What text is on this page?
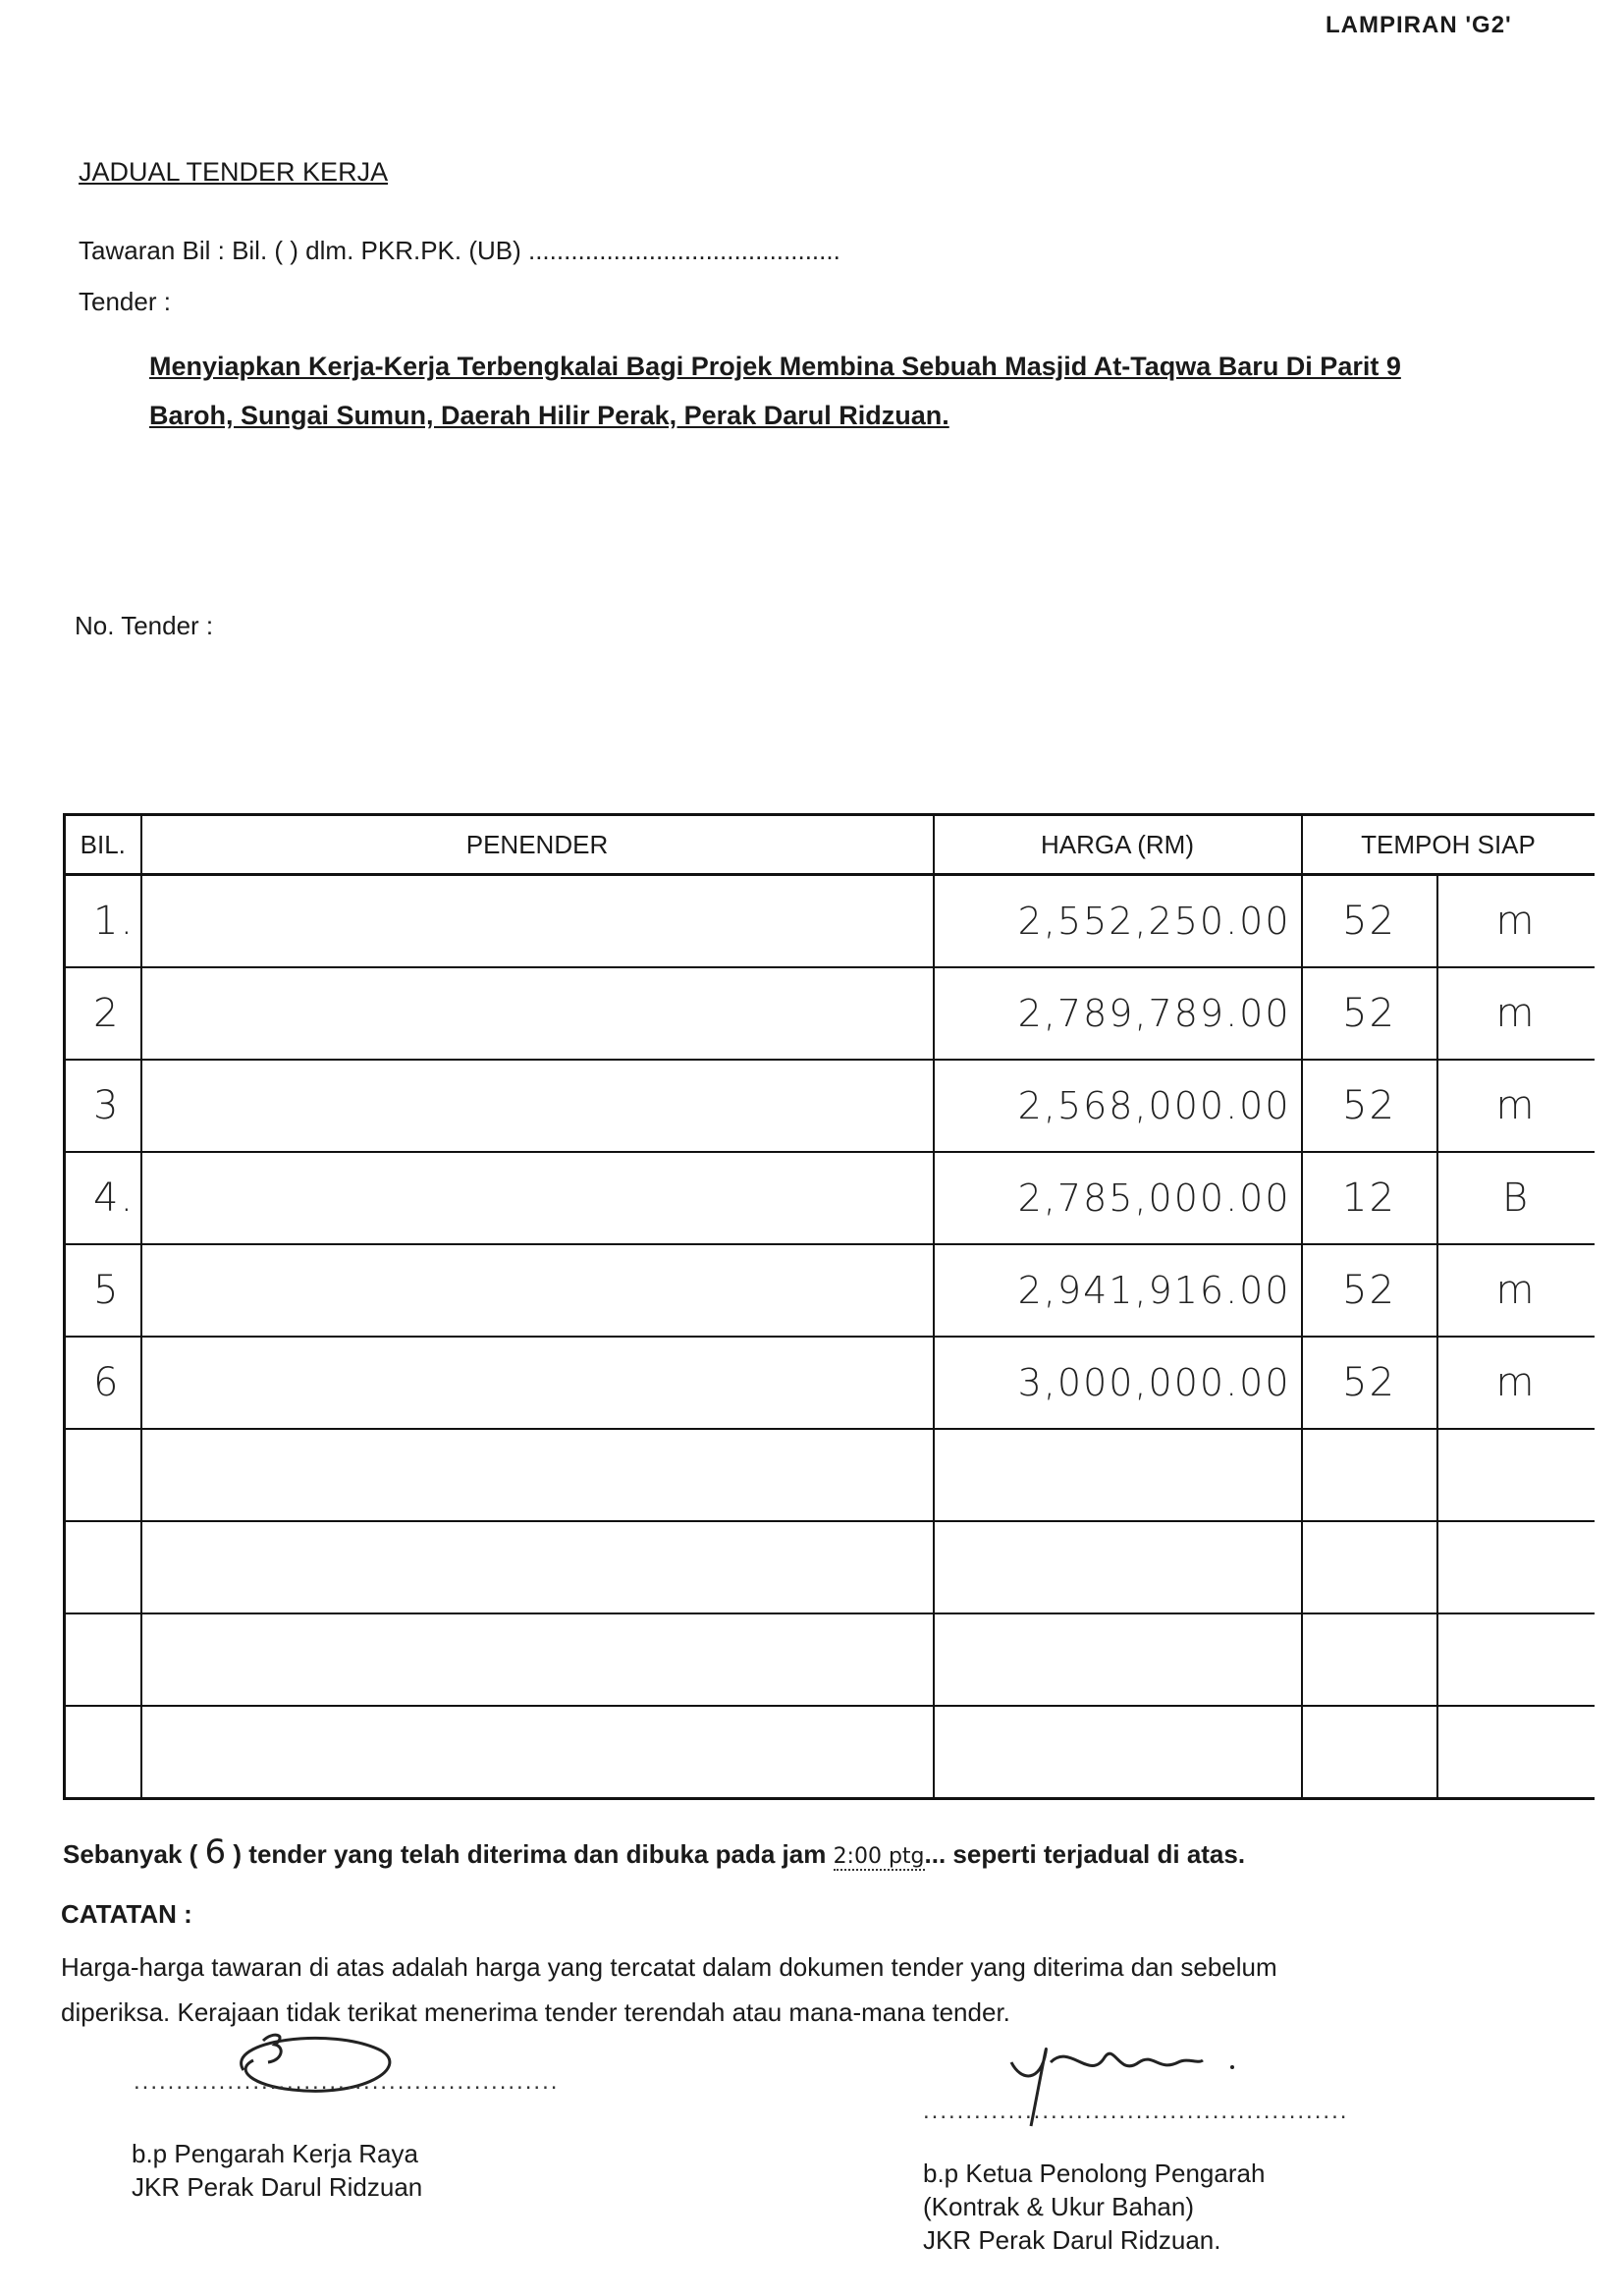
LAMPIRAN 'G2'
JADUAL TENDER KERJA
Tawaran Bil : Bil. ( ) dlm. PKR.PK. (UB) ............................................
Tender :
Menyiapkan Kerja-Kerja Terbengkalai Bagi Projek Membina Sebuah Masjid At-Taqwa Baru Di Parit 9 Baroh, Sungai Sumun, Daerah Hilir Perak, Perak Darul Ridzuan.
No. Tender :
BIL.	PENENDER	HARGA (RM)	TEMPOH SIAP	
1.		2,552,250.00	52	m
2		2,789,789.00	52	m
3		2,568,000.00	52	m
4.		2,785,000.00	12	B
5		2,941,916.00	52	m
6		3,000,000.00	52	m

Sebanyak ( 6 ) tender yang telah diterima dan dibuka pada jam 2:00 ptg... seperti terjadual di atas.
CATATAN :
Harga-harga tawaran di atas adalah harga yang tercatat dalam dokumen tender yang diterima dan sebelum diperiksa. Kerajaan tidak terikat menerima tender terendah atau mana-mana tender.
..................................................
..................................................
b.p Pengarah Kerja Raya
JKR Perak Darul Ridzuan	b.p Ketua Penolong Pengarah
(Kontrak & Ukur Bahan)
JKR Perak Darul Ridzuan.
